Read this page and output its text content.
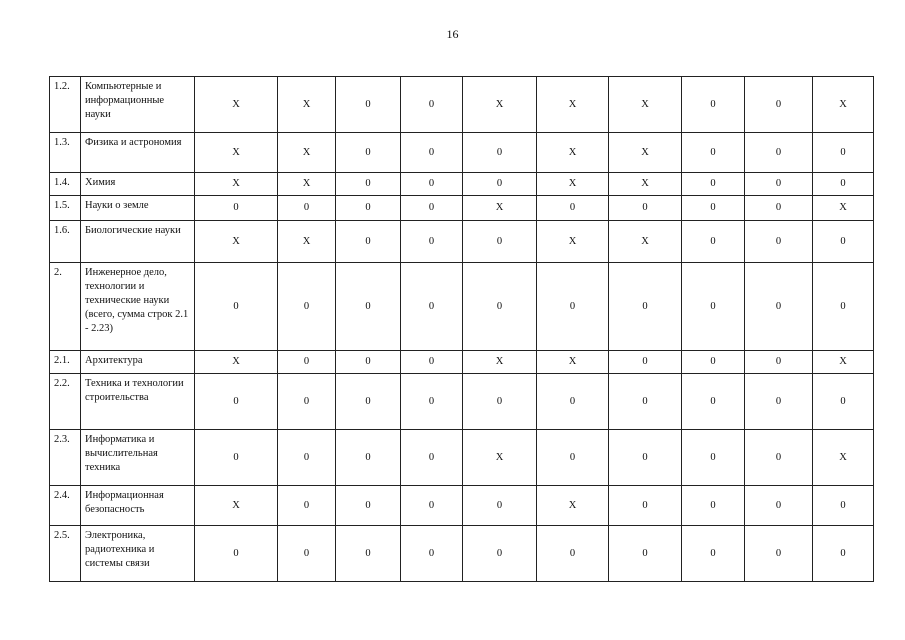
16
1.2.	Компьютерные и информационные науки	X	X	0	0	X	X	X	0	0	X
1.3.	Физика и астрономия	X	X	0	0	0	X	X	0	0	0
1.4.	Химия	X	X	0	0	0	X	X	0	0	0
1.5.	Науки о земле	0	0	0	0	X	0	0	0	0	X
1.6.	Биологические науки	X	X	0	0	0	X	X	0	0	0
2.	Инженерное дело, технологии и технические науки (всего, сумма строк 2.1 - 2.23)	0	0	0	0	0	0	0	0	0	0
2.1.	Архитектура	X	0	0	0	X	X	0	0	0	X
2.2.	Техника и технологии строительства	0	0	0	0	0	0	0	0	0	0
2.3.	Информатика и вычислительная техника	0	0	0	0	X	0	0	0	0	X
2.4.	Информационная безопасность	X	0	0	0	0	X	0	0	0	0
2.5.	Электроника, радиотехника и системы связи	0	0	0	0	0	0	0	0	0	0
